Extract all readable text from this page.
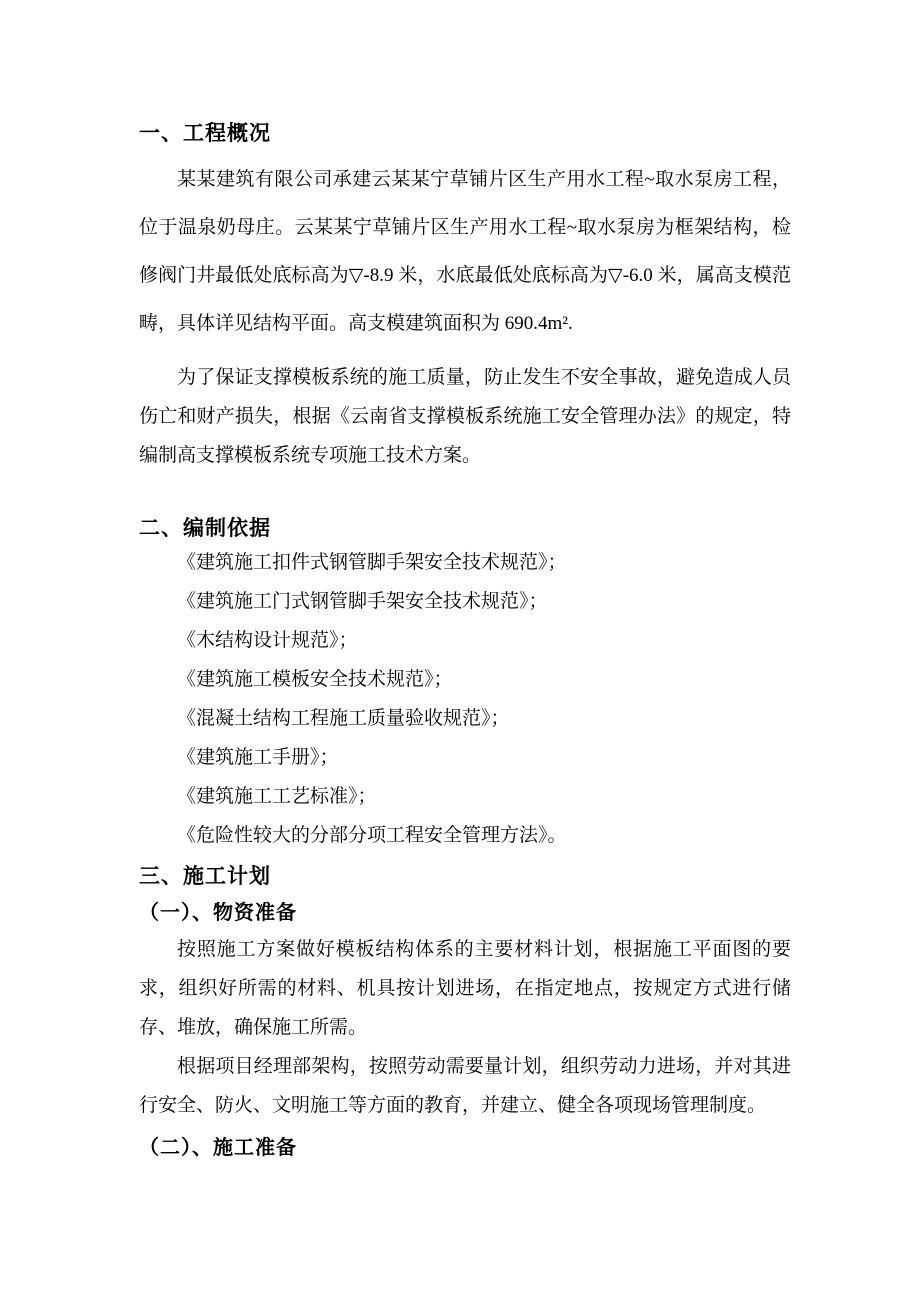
一、工程概况

某某建筑有限公司承建云某某宁草铺片区生产用水工程~取水泵房工程，位于温泉奶母庄。云某某宁草铺片区生产用水工程~取水泵房为框架结构，检修阀门井最低处底标高为▽-8.9 米，水底最低处底标高为▽-6.0 米，属高支模范畴，具体详见结构平面。高支模建筑面积为 690.4m².

为了保证支撑模板系统的施工质量，防止发生不安全事故，避免造成人员伤亡和财产损失，根据《云南省支撑模板系统施工安全管理办法》的规定，特编制高支撑模板系统专项施工技术方案。

二、编制依据

《建筑施工扣件式钢管脚手架安全技术规范》；

《建筑施工门式钢管脚手架安全技术规范》；

《木结构设计规范》；

《建筑施工模板安全技术规范》；

《混凝土结构工程施工质量验收规范》；

《建筑施工手册》；

《建筑施工工艺标准》；

《危险性较大的分部分项工程安全管理方法》。

三、施工计划
（一）、物资准备

按照施工方案做好模板结构体系的主要材料计划，根据施工平面图的要求，组织好所需的材料、机具按计划进场，在指定地点，按规定方式进行储存、堆放，确保施工所需。

根据项目经理部架构，按照劳动需要量计划，组织劳动力进场，并对其进行安全、防火、文明施工等方面的教育，并建立、健全各项现场管理制度。

（二）、施工准备
